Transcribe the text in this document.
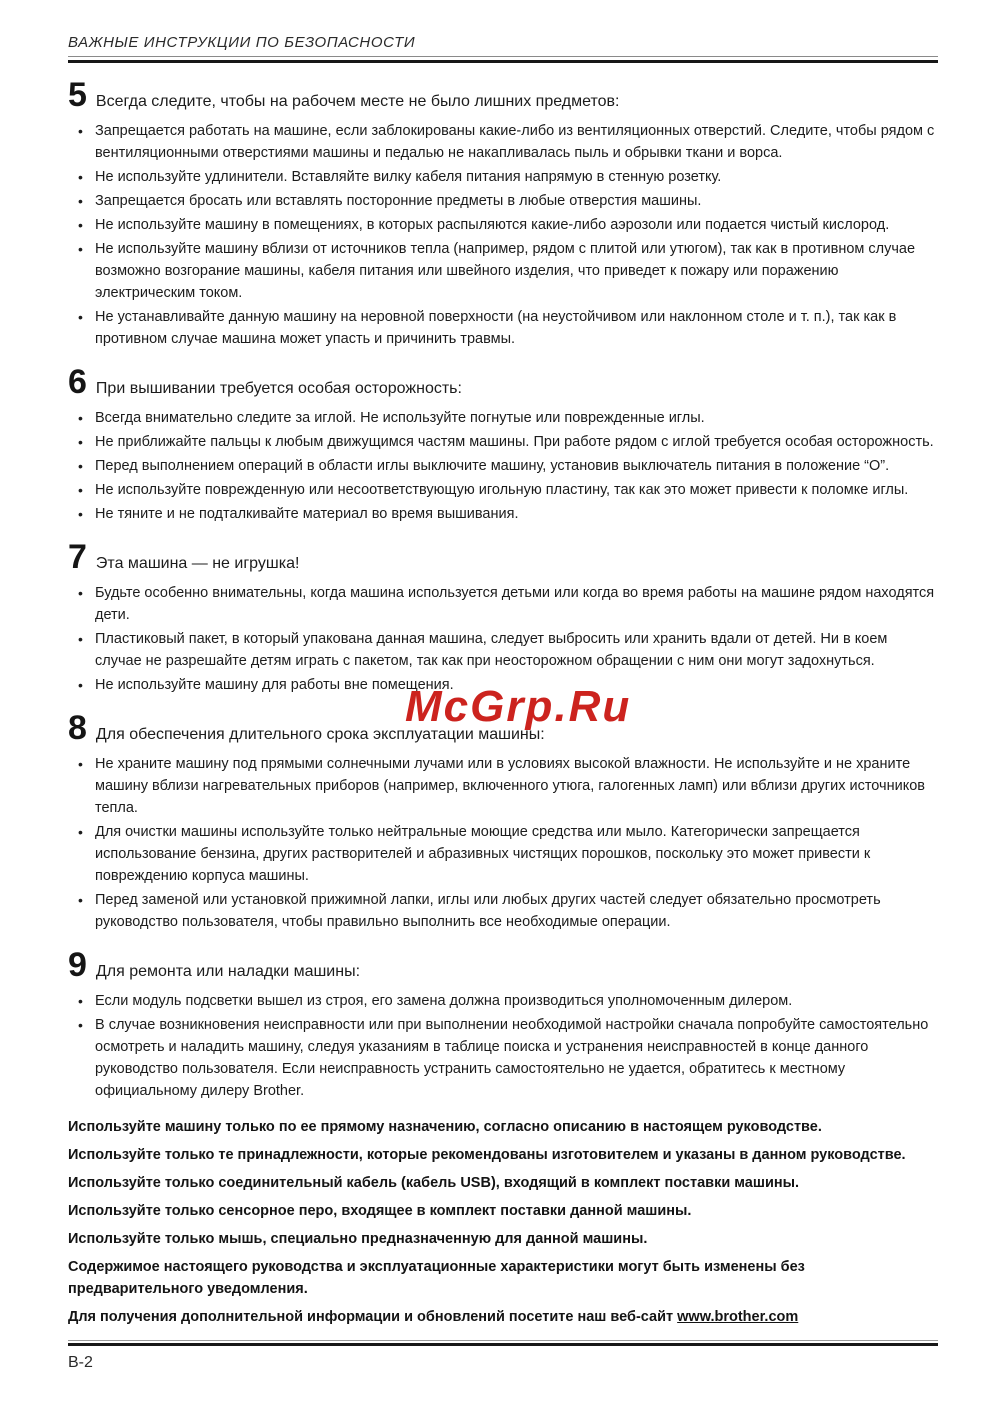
ВАЖНЫЕ ИНСТРУКЦИИ ПО БЕЗОПАСНОСТИ
5 Всегда следите, чтобы на рабочем месте не было лишних предметов:
• Запрещается работать на машине, если заблокированы какие-либо из вентиляционных отверстий. Следите, чтобы рядом с вентиляционными отверстиями машины и педалью не накапливалась пыль и обрывки ткани и ворса.
• Не используйте удлинители. Вставляйте вилку кабеля питания напрямую в стенную розетку.
• Запрещается бросать или вставлять посторонние предметы в любые отверстия машины.
• Не используйте машину в помещениях, в которых распыляются какие-либо аэрозоли или подается чистый кислород.
• Не используйте машину вблизи от источников тепла (например, рядом с плитой или утюгом), так как в противном случае возможно возгорание машины, кабеля питания или швейного изделия, что приведет к пожару или поражению электрическим током.
• Не устанавливайте данную машину на неровной поверхности (на неустойчивом или наклонном столе и т. п.), так как в противном случае машина может упасть и причинить травмы.
6 При вышивании требуется особая осторожность:
• Всегда внимательно следите за иглой. Не используйте погнутые или поврежденные иглы.
• Не приближайте пальцы к любым движущимся частям машины. При работе рядом с иглой требуется особая осторожность.
• Перед выполнением операций в области иглы выключите машину, установив выключатель питания в положение “O”.
• Не используйте поврежденную или несоответствующую игольную пластину, так как это может привести к поломке иглы.
• Не тяните и не подталкивайте материал во время вышивания.
7 Эта машина — не игрушка!
• Будьте особенно внимательны, когда машина используется детьми или когда во время работы на машине рядом находятся дети.
• Пластиковый пакет, в который упакована данная машина, следует выбросить или хранить вдали от детей. Ни в коем случае не разрешайте детям играть с пакетом, так как при неосторожном обращении с ним они могут задохнуться.
• Не используйте машину для работы вне помещения.
8 Для обеспечения длительного срока эксплуатации машины:
• Не храните машину под прямыми солнечными лучами или в условиях высокой влажности. Не используйте и не храните машину вблизи нагревательных приборов (например, включенного утюга, галогенных ламп) или вблизи других источников тепла.
• Для очистки машины используйте только нейтральные моющие средства или мыло. Категорически запрещается использование бензина, других растворителей и абразивных чистящих порошков, поскольку это может привести к повреждению корпуса машины.
• Перед заменой или установкой прижимной лапки, иглы или любых других частей следует обязательно просмотреть руководство пользователя, чтобы правильно выполнить все необходимые операции.
9 Для ремонта или наладки машины:
• Если модуль подсветки вышел из строя, его замена должна производиться уполномоченным дилером.
• В случае возникновения неисправности или при выполнении необходимой настройки сначала попробуйте самостоятельно осмотреть и наладить машину, следуя указаниям в таблице поиска и устранения неисправностей в конце данного руководство пользователя. Если неисправность устранить самостоятельно не удается, обратитесь к местному официальному дилеру Brother.

Используйте машину только по ее прямому назначению, согласно описанию в настоящем руководстве.

Используйте только те принадлежности, которые рекомендованы изготовителем и указаны в данном руководстве.

Используйте только соединительный кабель (кабель USB), входящий в комплект поставки машины.

Используйте только сенсорное перо, входящее в комплект поставки данной машины.

Используйте только мышь, специально предназначенную для данной машины.

Содержимое настоящего руководства и эксплуатационные характеристики могут быть изменены без предварительного уведомления.

Для получения дополнительной информации и обновлений посетите наш веб-сайт www.brother.com

B-2
McGrp.Ru
